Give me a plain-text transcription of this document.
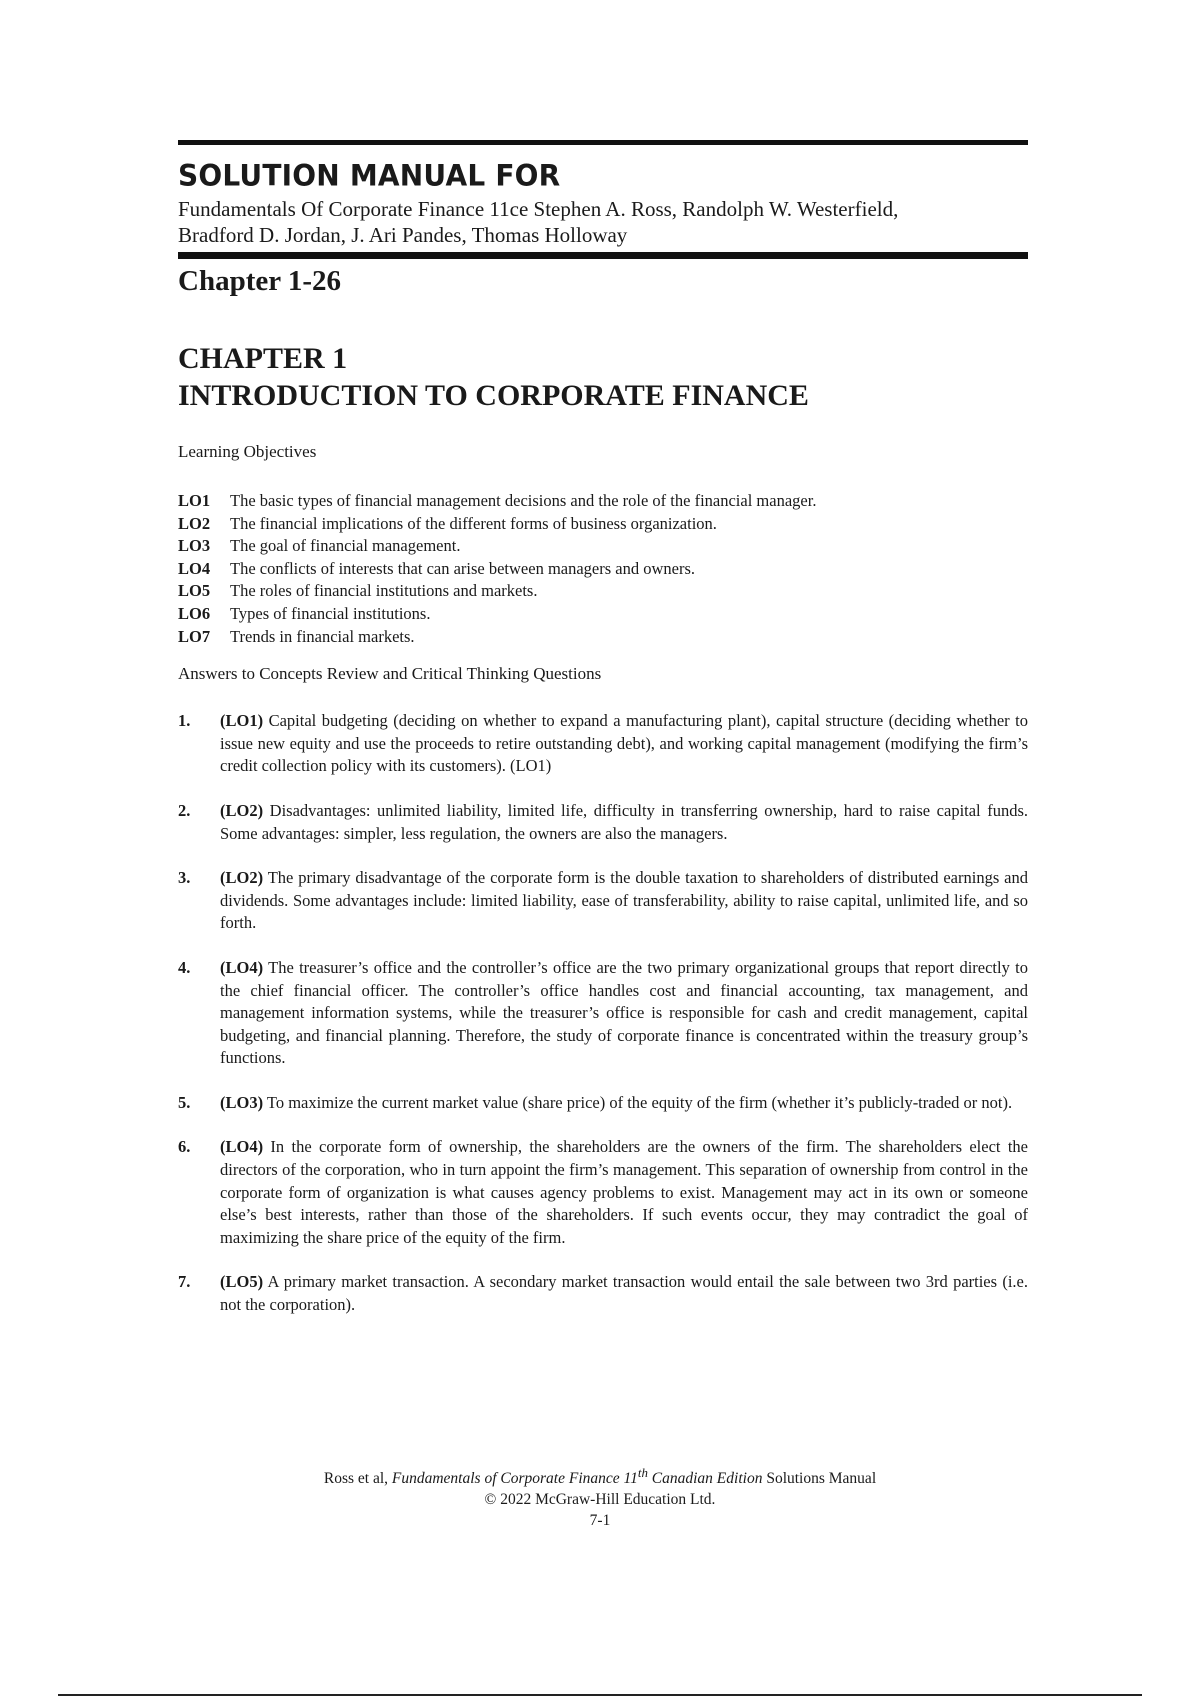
SOLUTION MANUAL FOR

Fundamentals Of Corporate Finance 11ce Stephen A. Ross, Randolph W. Westerfield,
Bradford D. Jordan, J. Ari Pandes, Thomas Holloway

Chapter 1-26
CHAPTER 1
INTRODUCTION TO CORPORATE FINANCE

Learning Objectives

LO1	The basic types of financial management decisions and the role of the financial manager.
LO2	The financial implications of the different forms of business organization.
LO3	The goal of financial management.
LO4	The conflicts of interests that can arise between managers and owners.
LO5	The roles of financial institutions and markets.
LO6	Types of financial institutions.
LO7	Trends in financial markets.

Answers to Concepts Review and Critical Thinking Questions

1.	(LO1) Capital budgeting (deciding on whether to expand a manufacturing plant), capital structure (deciding whether to issue new equity and use the proceeds to retire outstanding debt), and working capital management (modifying the firm’s credit collection policy with its customers). (LO1)
2.	(LO2) Disadvantages: unlimited liability, limited life, difficulty in transferring ownership, hard to raise capital funds. Some advantages: simpler, less regulation, the owners are also the managers.
3.	(LO2) The primary disadvantage of the corporate form is the double taxation to shareholders of distributed earnings and dividends. Some advantages include: limited liability, ease of transferability, ability to raise capital, unlimited life, and so forth.
4.	(LO4) The treasurer’s office and the controller’s office are the two primary organizational groups that report directly to the chief financial officer. The controller’s office handles cost and financial accounting, tax management, and management information systems, while the treasurer’s office is responsible for cash and credit management, capital budgeting, and financial planning. Therefore, the study of corporate finance is concentrated within the treasury group’s functions.
5.	(LO3) To maximize the current market value (share price) of the equity of the firm (whether it’s publicly-traded or not).
6.	(LO4) In the corporate form of ownership, the shareholders are the owners of the firm. The shareholders elect the directors of the corporation, who in turn appoint the firm’s management. This separation of ownership from control in the corporate form of organization is what causes agency problems to exist. Management may act in its own or someone else’s best interests, rather than those of the shareholders. If such events occur, they may contradict the goal of maximizing the share price of the equity of the firm.
7.	(LO5) A primary market transaction. A secondary market transaction would entail the sale between two 3rd parties (i.e. not the corporation).
Ross et al, Fundamentals of Corporate Finance 11th Canadian Edition Solutions Manual
© 2022 McGraw-Hill Education Ltd.
7-1
